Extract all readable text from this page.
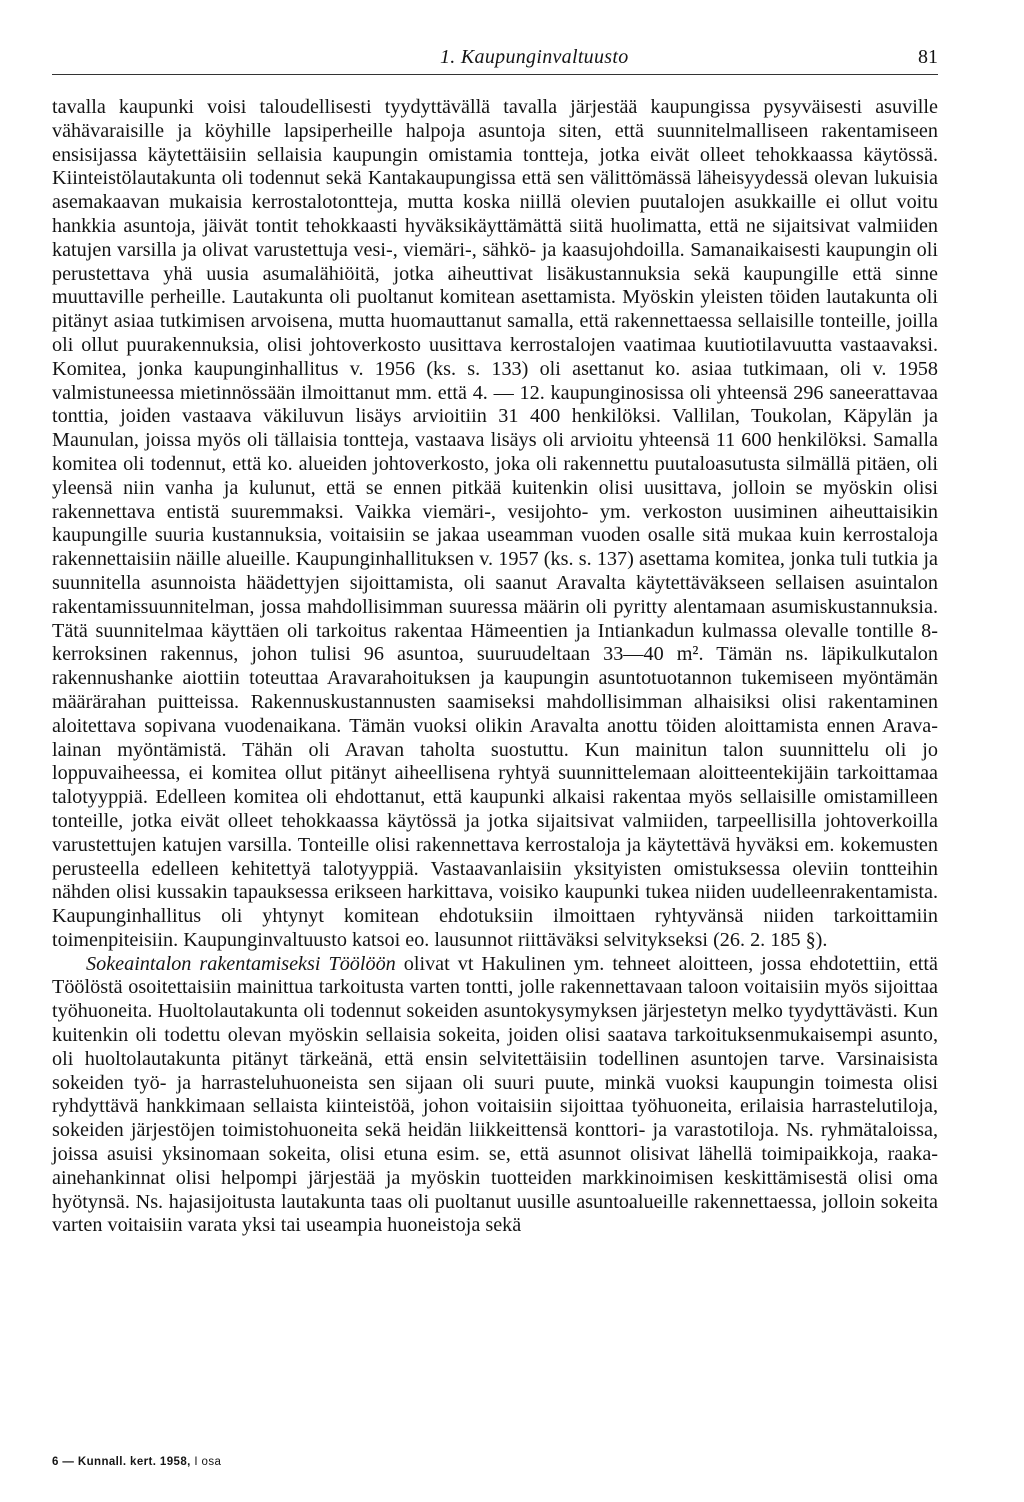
1. Kaupunginvaltuusto	81

tavalla kaupunki voisi taloudellisesti tyydyttävällä tavalla järjestää kaupungissa pysyväisesti asuville vähävaraisille ja köyhille lapsiperheille halpoja asuntoja siten, että suunnitelmalliseen rakentamiseen ensisijassa käytettäisiin sellaisia kaupungin omistamia tontteja, jotka eivät olleet tehokkaassa käytössä. Kiinteistölautakunta oli todennut sekä Kantakaupungissa että sen välittömässä läheisyydessä olevan lukuisia asemakaavan mukaisia kerrostalotontteja, mutta koska niillä olevien puutalojen asukkaille ei ollut voitu hankkia asuntoja, jäivät tontit tehokkaasti hyväksikäyttämättä siitä huolimatta, että ne sijaitsivat valmiiden katujen varsilla ja olivat varustettuja vesi-, viemäri-, sähkö- ja kaasujohdoilla. Samanaikaisesti kaupungin oli perustettava yhä uusia asumalähiöitä, jotka aiheuttivat lisäkustannuksia sekä kaupungille että sinne muuttaville perheille. Lautakunta oli puoltanut komitean asettamista. Myöskin yleisten töiden lautakunta oli pitänyt asiaa tutkimisen arvoisena, mutta huomauttanut samalla, että rakennettaessa sellaisille tonteille, joilla oli ollut puurakennuksia, olisi johtoverkosto uusittava kerrostalojen vaatimaa kuutiotilavuutta vastaavaksi. Komitea, jonka kaupunginhallitus v. 1956 (ks. s. 133) oli asettanut ko. asiaa tutkimaan, oli v. 1958 valmistuneessa mietinnössään ilmoittanut mm. että 4. — 12. kaupunginosissa oli yhteensä 296 saneerattavaa tonttia, joiden vastaava väkiluvun lisäys arvioitiin 31 400 henkilöksi. Vallilan, Toukolan, Käpylän ja Maunulan, joissa myös oli tällaisia tontteja, vastaava lisäys oli arvioitu yhteensä 11 600 henkilöksi. Samalla komitea oli todennut, että ko. alueiden johtoverkosto, joka oli rakennettu puutaloasutusta silmällä pitäen, oli yleensä niin vanha ja kulunut, että se ennen pitkää kuitenkin olisi uusittava, jolloin se myöskin olisi rakennettava entistä suuremmaksi. Vaikka viemäri-, vesijohto- ym. verkoston uusiminen aiheuttaisikin kaupungille suuria kustannuksia, voitaisiin se jakaa useamman vuoden osalle sitä mukaa kuin kerrostaloja rakennettaisiin näille alueille. Kaupunginhallituksen v. 1957 (ks. s. 137) asettama komitea, jonka tuli tutkia ja suunnitella asunnoista häädettyjen sijoittamista, oli saanut Aravalta käytettäväkseen sellaisen asuintalon rakentamissuunnitelman, jossa mahdollisimman suuressa määrin oli pyritty alentamaan asumiskustannuksia. Tätä suunnitelmaa käyttäen oli tarkoitus rakentaa Hämeentien ja Intiankadun kulmassa olevalle tontille 8-kerroksinen rakennus, johon tulisi 96 asuntoa, suuruudeltaan 33—40 m². Tämän ns. läpikulkutalon rakennushanke aiottiin toteuttaa Aravarahoituksen ja kaupungin asuntotuotannon tukemiseen myöntämän määrärahan puitteissa. Rakennuskustannusten saamiseksi mahdollisimman alhaisiksi olisi rakentaminen aloitettava sopivana vuodenaikana. Tämän vuoksi olikin Aravalta anottu töiden aloittamista ennen Arava-lainan myöntämistä. Tähän oli Aravan taholta suostuttu. Kun mainitun talon suunnittelu oli jo loppuvaiheessa, ei komitea ollut pitänyt aiheellisena ryhtyä suunnittelemaan aloitteentekijäin tarkoittamaa talotyyppiä. Edelleen komitea oli ehdottanut, että kaupunki alkaisi rakentaa myös sellaisille omistamilleen tonteille, jotka eivät olleet tehokkaassa käytössä ja jotka sijaitsivat valmiiden, tarpeellisilla johtoverkoilla varustettujen katujen varsilla. Tonteille olisi rakennettava kerrostaloja ja käytettävä hyväksi em. kokemusten perusteella edelleen kehitettyä talotyyppiä. Vastaavanlaisiin yksityisten omistuksessa oleviin tontteihin nähden olisi kussakin tapauksessa erikseen harkittava, voisiko kaupunki tukea niiden uudelleenrakentamista. Kaupunginhallitus oli yhtynyt komitean ehdotuksiin ilmoittaen ryhtyvänsä niiden tarkoittamiin toimenpiteisiin. Kaupunginvaltuusto katsoi eo. lausunnot riittäväksi selvitykseksi (26. 2. 185 §).

Sokeaintalon rakentamiseksi Töölöön olivat vt Hakulinen ym. tehneet aloitteen, jossa ehdotettiin, että Töölöstä osoitettaisiin mainittua tarkoitusta varten tontti, jolle rakennettavaan taloon voitaisiin myös sijoittaa työhuoneita. Huoltolautakunta oli todennut sokeiden asuntokysymyksen järjestetyn melko tyydyttävästi. Kun kuitenkin oli todettu olevan myöskin sellaisia sokeita, joiden olisi saatava tarkoituksenmukaisempi asunto, oli huoltolautakunta pitänyt tärkeänä, että ensin selvitettäisiin todellinen asuntojen tarve. Varsinaisista sokeiden työ- ja harrasteluhuoneista sen sijaan oli suuri puute, minkä vuoksi kaupungin toimesta olisi ryhdyttävä hankkimaan sellaista kiinteistöä, johon voitaisiin sijoittaa työhuoneita, erilaisia harrastelutiloja, sokeiden järjestöjen toimistohuoneita sekä heidän liikkeittensä konttori- ja varastotiloja. Ns. ryhmätaloissa, joissa asuisi yksinomaan sokeita, olisi etuna esim. se, että asunnot olisivat lähellä toimipaikkoja, raaka-ainehankinnat olisi helpompi järjestää ja myöskin tuotteiden markkinoimisen keskittämisestä olisi oma hyötynsä. Ns. hajasijoitusta lautakunta taas oli puoltanut uusille asuntoalueille rakennettaessa, jolloin sokeita varten voitaisiin varata yksi tai useampia huoneistoja sekä

6 — Kunnall. kert. 1958, I osa
